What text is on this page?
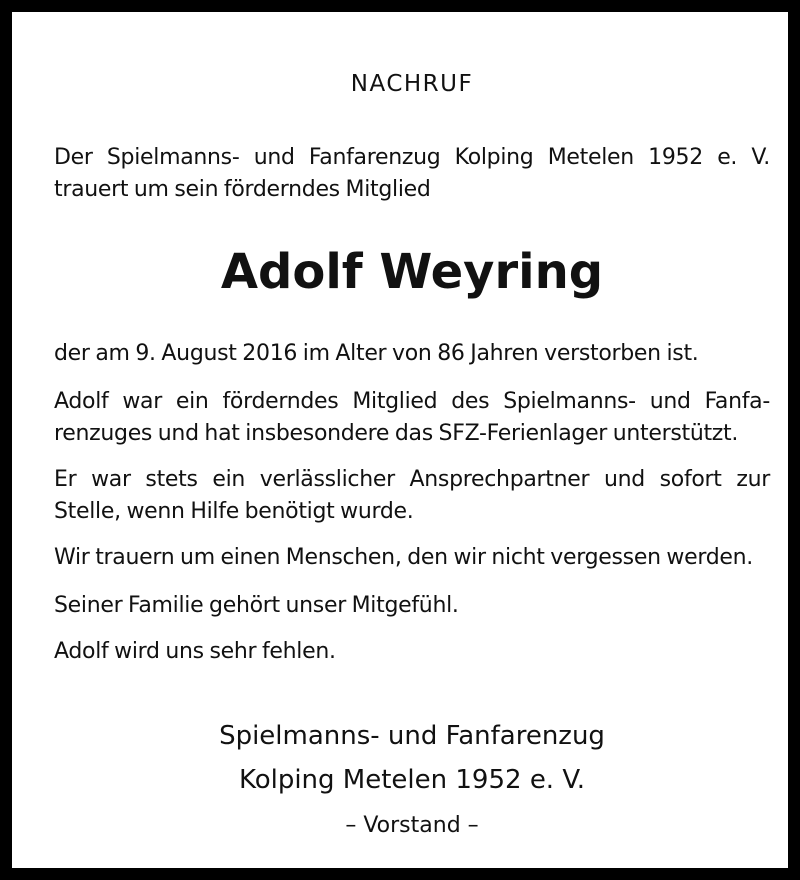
NACHRUF
Der Spielmanns- und Fanfarenzug Kolping Metelen 1952 e. V.
trauert um sein förderndes Mitglied
Adolf Weyring
der am 9. August 2016 im Alter von 86 Jahren verstorben ist.
Adolf war ein förderndes Mitglied des Spielmanns- und Fanfa-
renzuges und hat insbesondere das SFZ-Ferienlager unterstützt.
Er war stets ein verlässlicher Ansprechpartner und sofort zur
Stelle, wenn Hilfe benötigt wurde.
Wir trauern um einen Menschen, den wir nicht vergessen werden.
Seiner Familie gehört unser Mitgefühl.
Adolf wird uns sehr fehlen.
Spielmanns- und Fanfarenzug
Kolping Metelen 1952 e. V.
– Vorstand –
